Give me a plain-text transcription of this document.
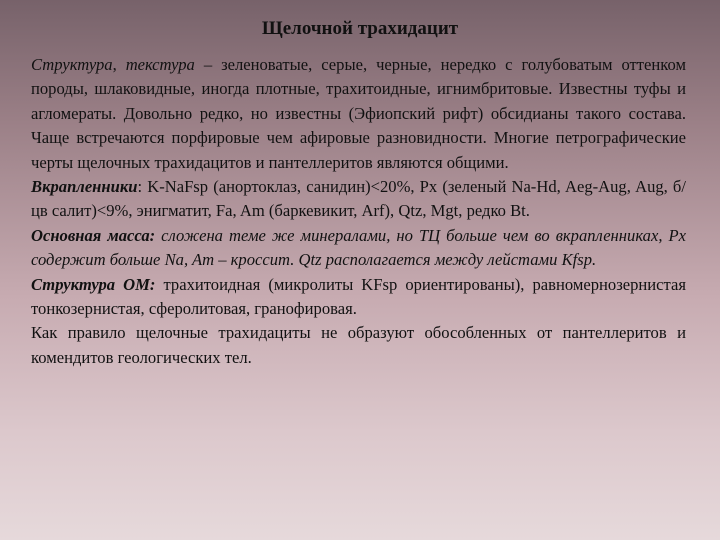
Щелочной трахидацит

Структура, текстура – зеленоватые, серые, черные, нередко с голубоватым оттенком породы, шлаковидные, иногда плотные, трахитоидные, игнимбритовые. Известны туфы и агломераты. Довольно редко, но известны (Эфиопский рифт) обсидианы такого состава. Чаще встречаются порфировые чем афировые разновидности. Многие петрографические черты щелочных трахидацитов и пантеллеритов являются общими.

Вкрапленники: K-NaFsp (анортоклаз, санидин)<20%, Px (зеленый Na-Hd, Aeg-Aug, Aug, б/цв салит)<9%, энигматит, Fa, Am (баркевикит, Arf), Qtz, Mgt, редко Bt.

Основная масса: сложена теме же минералами, но ТЦ больше чем во вкрапленниках, Px содержит больше Na, Am – кроссит. Qtz располагается между лейстами Kfsp.

Структура ОМ: трахитоидная (микролиты KFsp ориентированы), равномернозернистая тонкозернистая, сферолитовая, гранофировая.

Как правило щелочные трахидациты не образуют обособленных от пантеллеритов и комендитов геологических тел.
